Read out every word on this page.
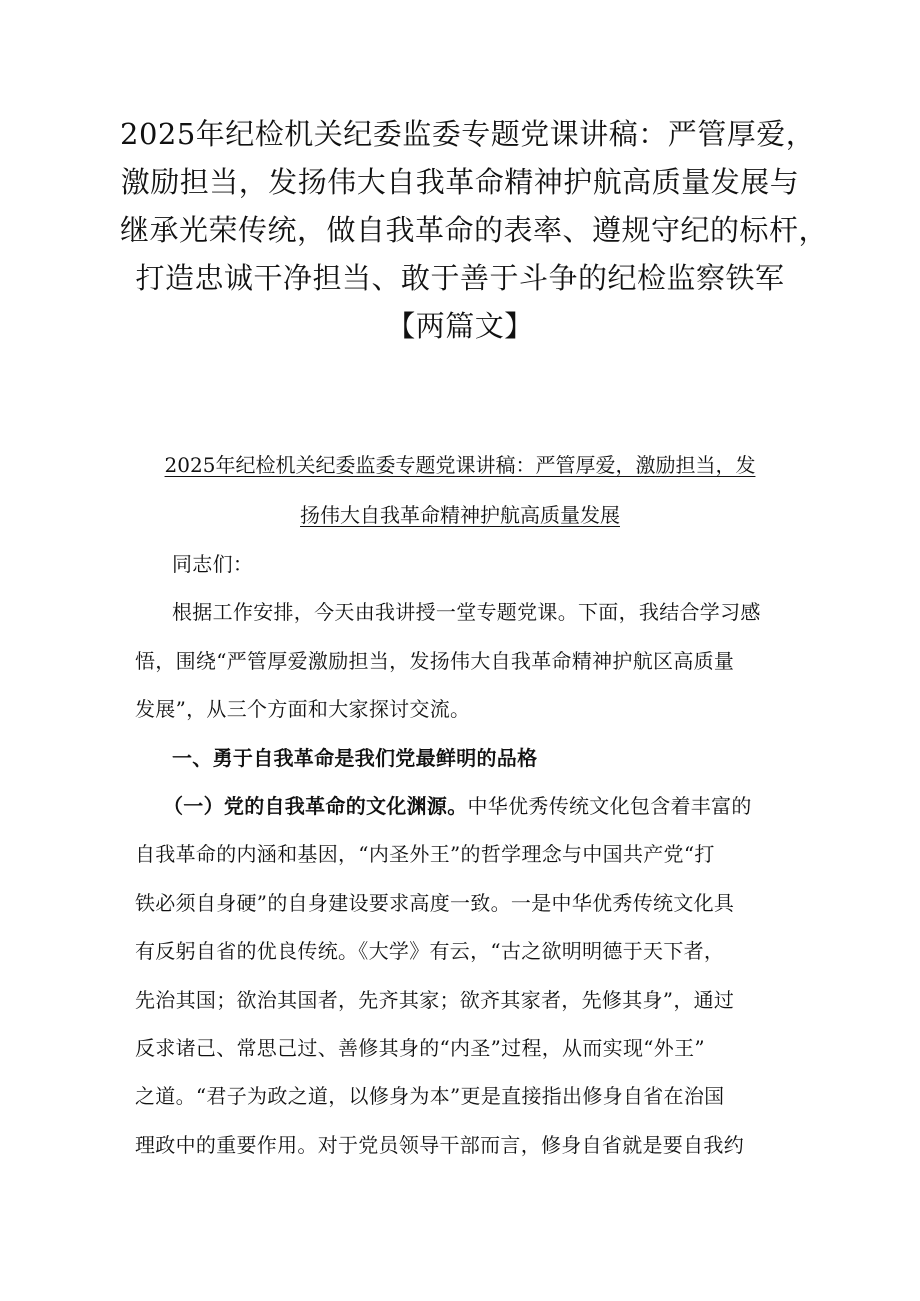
2025年纪检机关纪委监委专题党课讲稿：严管厚爱，
激励担当，发扬伟大自我革命精神护航高质量发展与
继承光荣传统，做自我革命的表率、遵规守纪的标杆，
打造忠诚干净担当、敢于善于斗争的纪检监察铁军
【两篇文】
2025年纪检机关纪委监委专题党课讲稿：严管厚爱，激励担当，发
扬伟大自我革命精神护航高质量发展
同志们：
根据工作安排，今天由我讲授一堂专题党课。下面，我结合学习感
悟，围绕“严管厚爱激励担当，发扬伟大自我革命精神护航区高质量
发展”，从三个方面和大家探讨交流。
一、勇于自我革命是我们党最鲜明的品格
（一）党的自我革命的文化渊源。中华优秀传统文化包含着丰富的
自我革命的内涵和基因，“内圣外王”的哲学理念与中国共产党“打
铁必须自身硬”的自身建设要求高度一致。一是中华优秀传统文化具
有反躬自省的优良传统。《大学》有云，“古之欲明明德于天下者，
先治其国；欲治其国者，先齐其家；欲齐其家者，先修其身”，通过
反求诸己、常思己过、善修其身的“内圣”过程，从而实现“外王”
之道。“君子为政之道，以修身为本”更是直接指出修身自省在治国
理政中的重要作用。对于党员领导干部而言，修身自省就是要自我约
